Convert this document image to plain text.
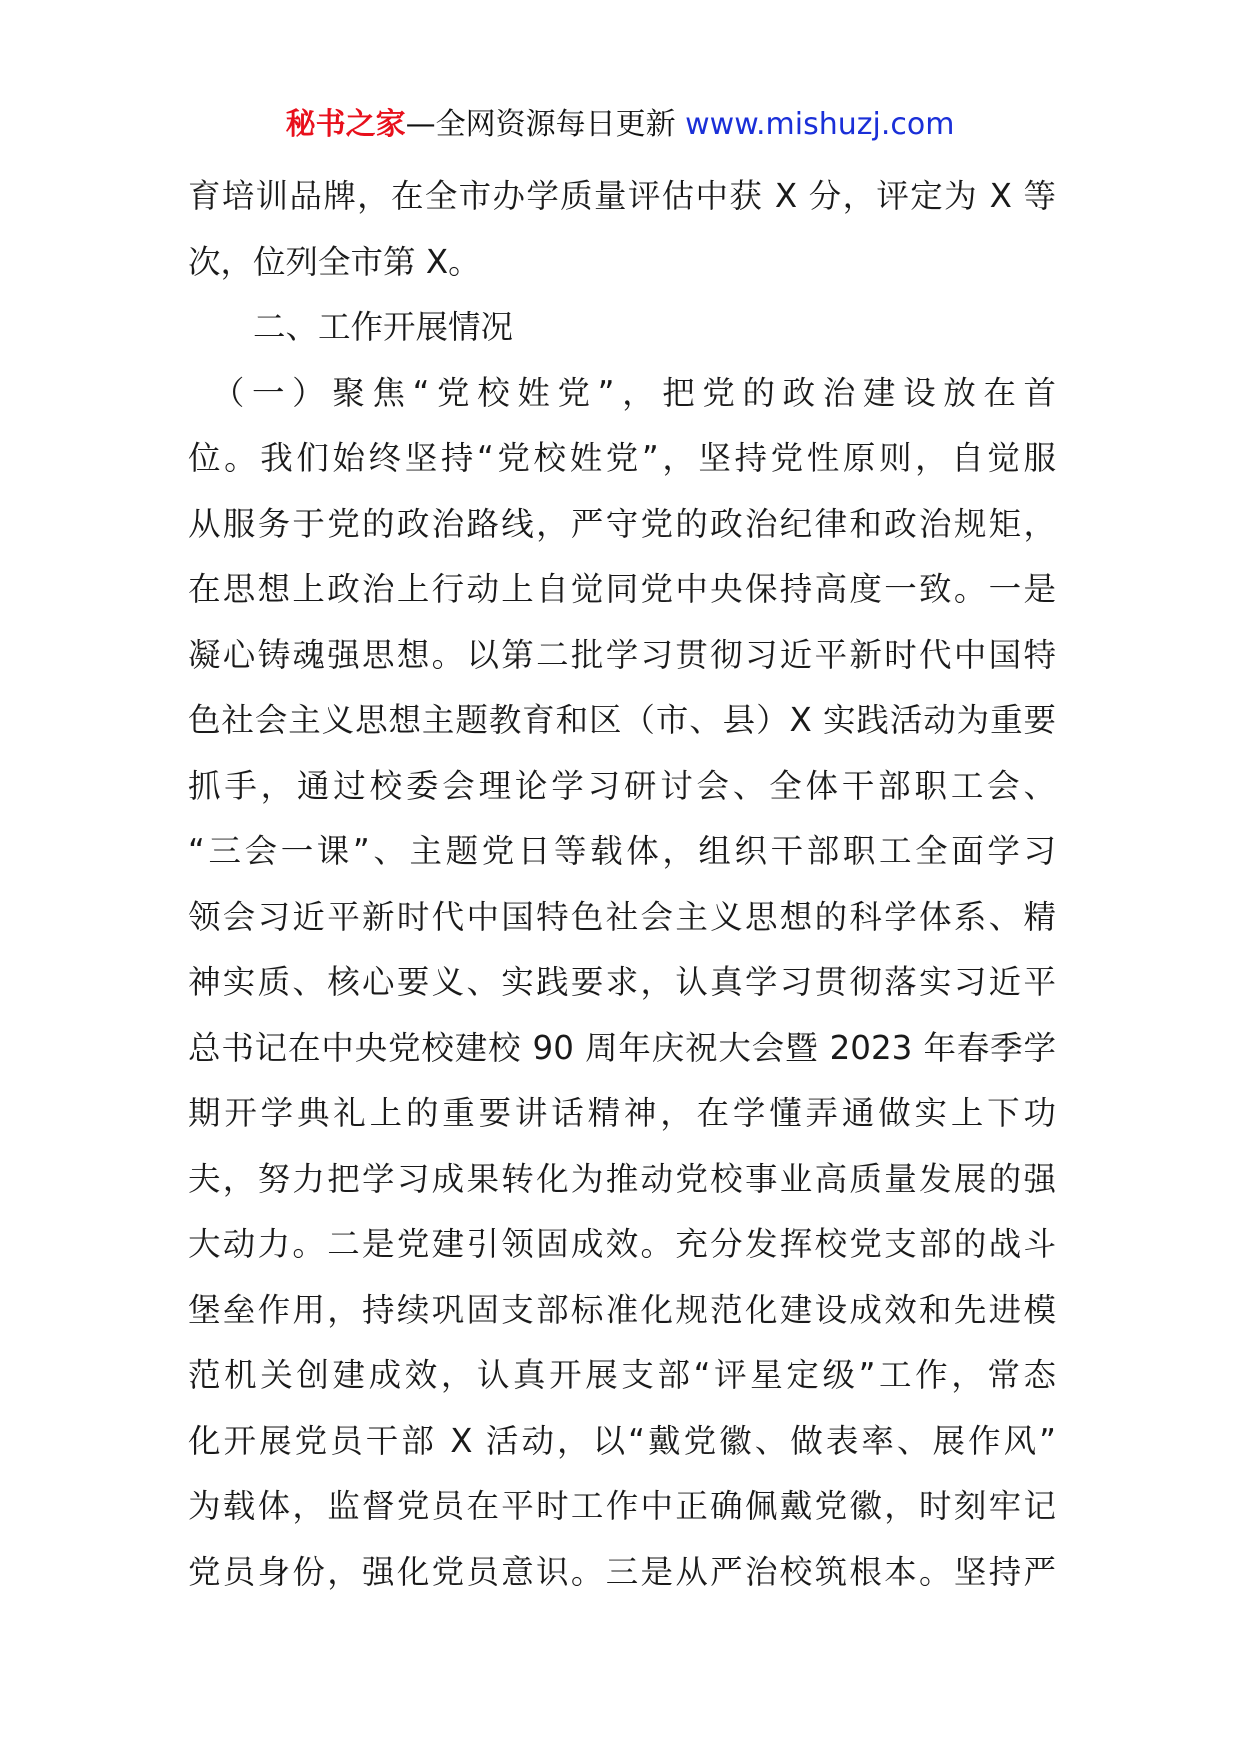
秘书之家—全网资源每日更新 www.mishuzj.com
育培训品牌，在全市办学质量评估中获 X 分，评定为 X 等
次，位列全市第 X。
　　二、工作开展情况
　（一）聚焦“党校姓党”，把党的政治建设放在首
位。我们始终坚持“党校姓党”，坚持党性原则，自觉服
从服务于党的政治路线，严守党的政治纪律和政治规矩，
在思想上政治上行动上自觉同党中央保持高度一致。一是
凝心铸魂强思想。以第二批学习贯彻习近平新时代中国特
色社会主义思想主题教育和区（市、县）X 实践活动为重要
抓手，通过校委会理论学习研讨会、全体干部职工会、
“三会一课”、主题党日等载体，组织干部职工全面学习
领会习近平新时代中国特色社会主义思想的科学体系、精
神实质、核心要义、实践要求，认真学习贯彻落实习近平
总书记在中央党校建校 90 周年庆祝大会暨 2023 年春季学
期开学典礼上的重要讲话精神，在学懂弄通做实上下功
夫，努力把学习成果转化为推动党校事业高质量发展的强
大动力。二是党建引领固成效。充分发挥校党支部的战斗
堡垒作用，持续巩固支部标准化规范化建设成效和先进模
范机关创建成效，认真开展支部“评星定级”工作，常态
化开展党员干部 X 活动，以“戴党徽、做表率、展作风”
为载体，监督党员在平时工作中正确佩戴党徽，时刻牢记
党员身份，强化党员意识。三是从严治校筑根本。坚持严
